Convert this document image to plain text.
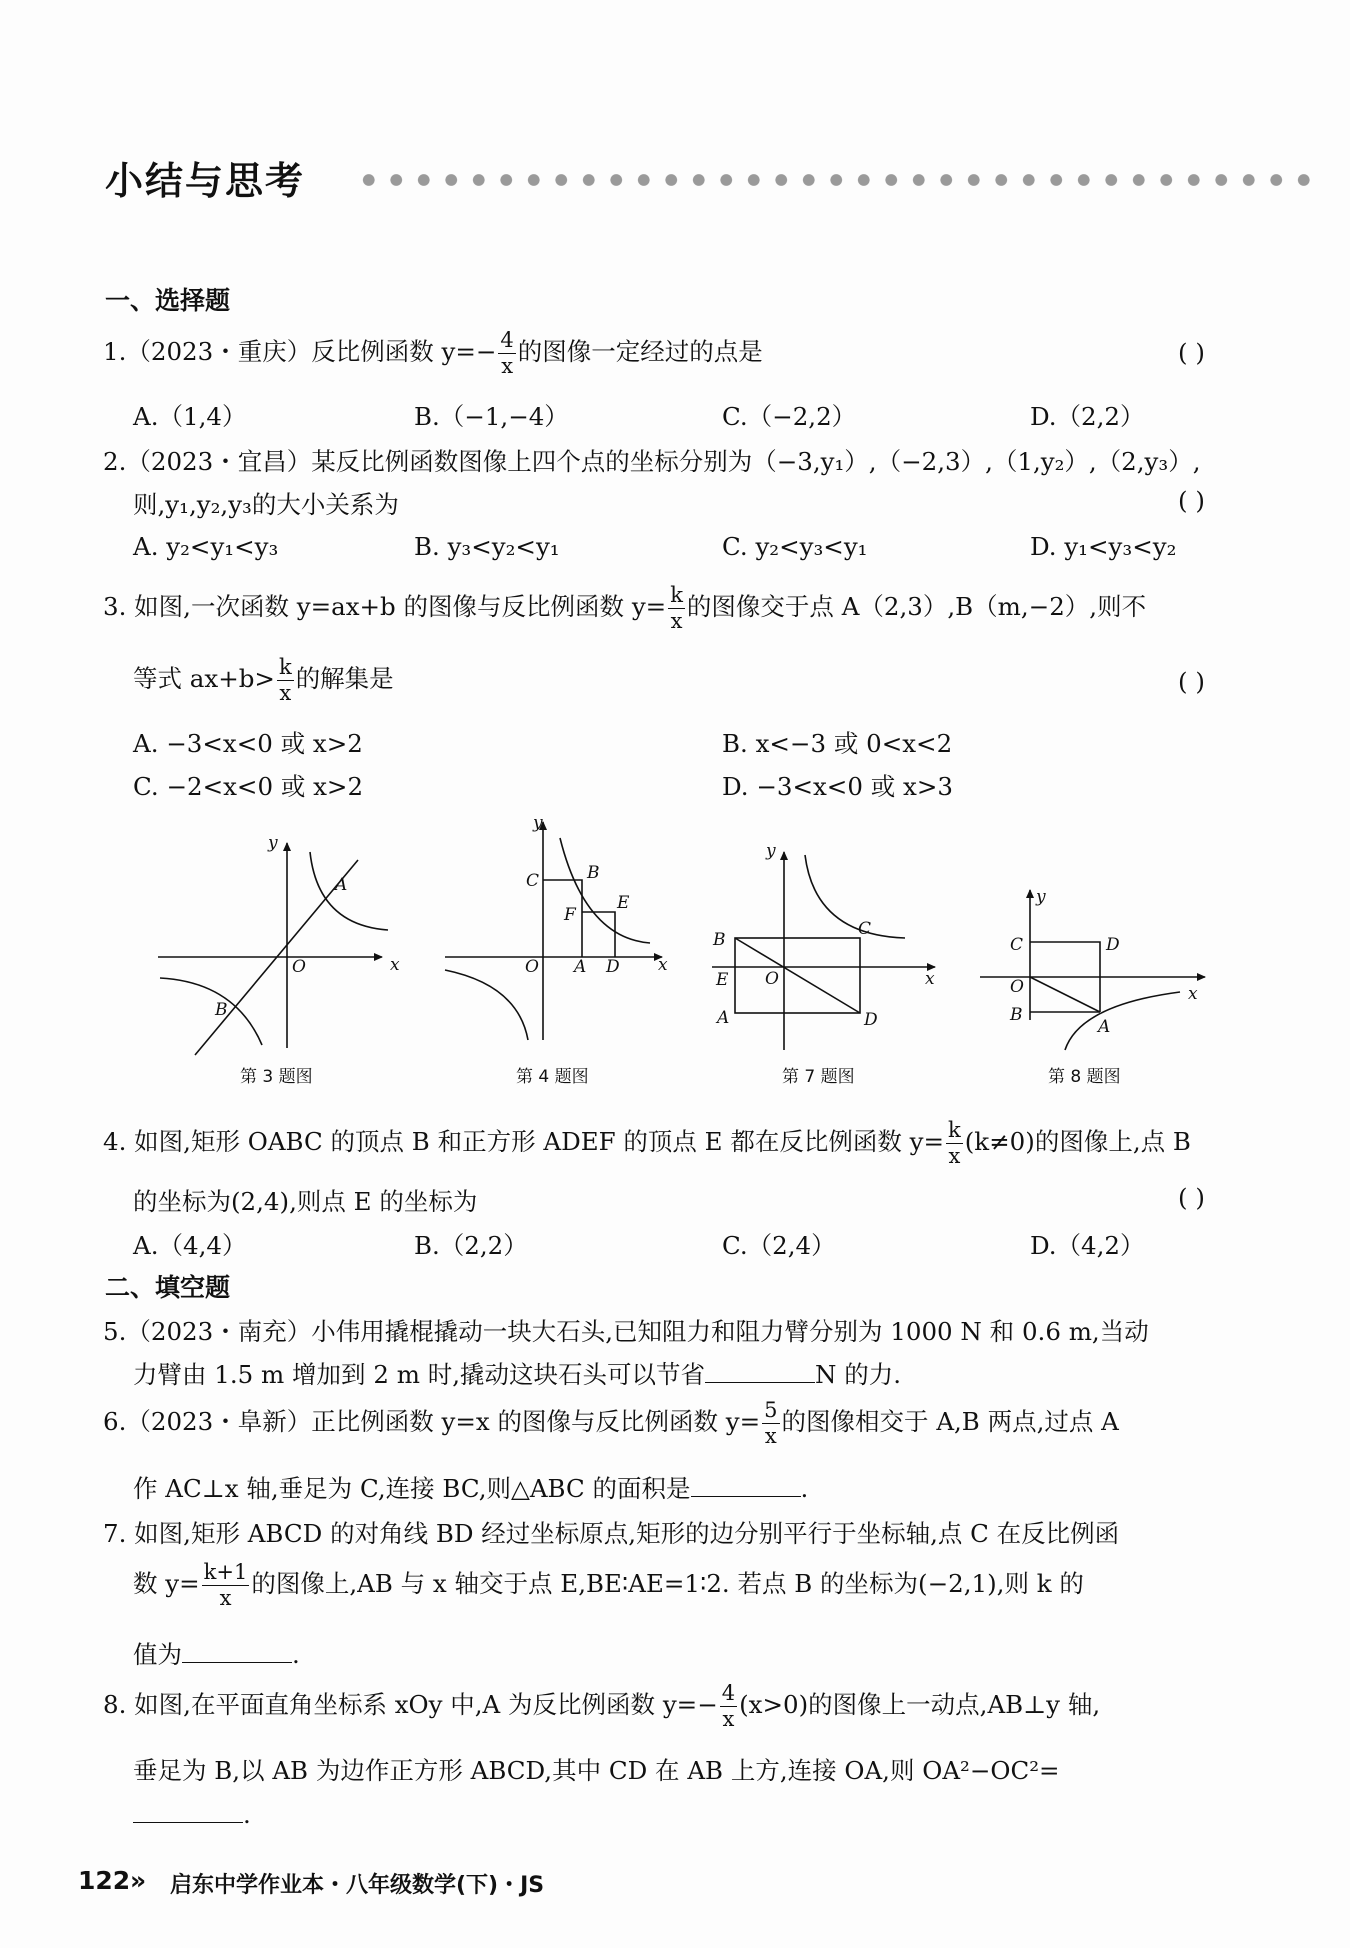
小结与思考
一、选择题
1.（2023・重庆）反比例函数 $y=- \frac{4}{x}$ 的图像一定经过的点是	( )
A.（1,4）	B.（−1,−4）	C.（−2,2）	D.（2,2）
2.（2023・宜昌）某反比例函数图像上四个点的坐标分别为（−3,y₁）,（−2,3）,（1,y₂）,（2,y₃）,
则,y₁,y₂,y₃的大小关系为	( )
A. y₂<y₁<y₃	B. y₃<y₂<y₁	C. y₂<y₃<y₁	D. y₁<y₃<y₂
3. 如图,一次函数 y=ax+b 的图像与反比例函数 $y= \frac{k}{x}$ 的图像交于点 A（2,3）,B（m,−2）,则不
等式 $ax+b> \frac{k}{x}$ 的解集是	( )
A. −3<x<0 或 x>2	B. x<−3 或 0<x<2
C. −2<x<0 或 x>2	D. −3<x<0 或 x>3
y
x
O
A
B
第 3 题图
y
x
O A
B
C
D
E
F
第 4 题图
y
x
O
A
B
C
D
E
第 7 题图
y
x
O
A
B
C	D
第 8 题图
4. 如图,矩形 OABC 的顶点 B 和正方形 ADEF 的顶点 E 都在反比例函数 $y= \frac{k}{x} (k\ne 0)$的图像上,点 B
的坐标为(2,4),则点 E 的坐标为	( )
A.（4,4）	B.（2,2）	C.（2,4）	D.（4,2）
二、填空题
5.（2023・南充）小伟用撬棍撬动一块大石头,已知阻力和阻力臂分别为 1000 N 和 0.6 m,当动
力臂由 1.5 m 增加到 2 m 时,撬动这块石头可以节省	N 的力.
6.（2023・阜新）正比例函数 y=x 的图像与反比例函数 $y= \frac{5}{x}$ 的图像相交于 A,B 两点,过点 A
作 AC⊥x 轴,垂足为 C,连接 BC,则△ABC 的面积是	.
7. 如图,矩形 ABCD 的对角线 BD 经过坐标原点,矩形的边分别平行于坐标轴,点 C 在反比例函
数 $y= \frac{k+1}{x}$ 的图像上,AB 与 x 轴交于点 E,BE∶AE=1∶2. 若点 B 的坐标为(−2,1),则 k 的
值为	.
8. 如图,在平面直角坐标系 xOy 中,A 为反比例函数 $y=- \frac{4}{x} (x>0)$的图像上一动点,AB⊥y 轴,
垂足为 B,以 AB 为边作正方形 ABCD,其中 CD 在 AB 上方,连接 OA,则 OA²−OC²=
.
122 » 启东中学作业本・八年级数学(下)・JS
